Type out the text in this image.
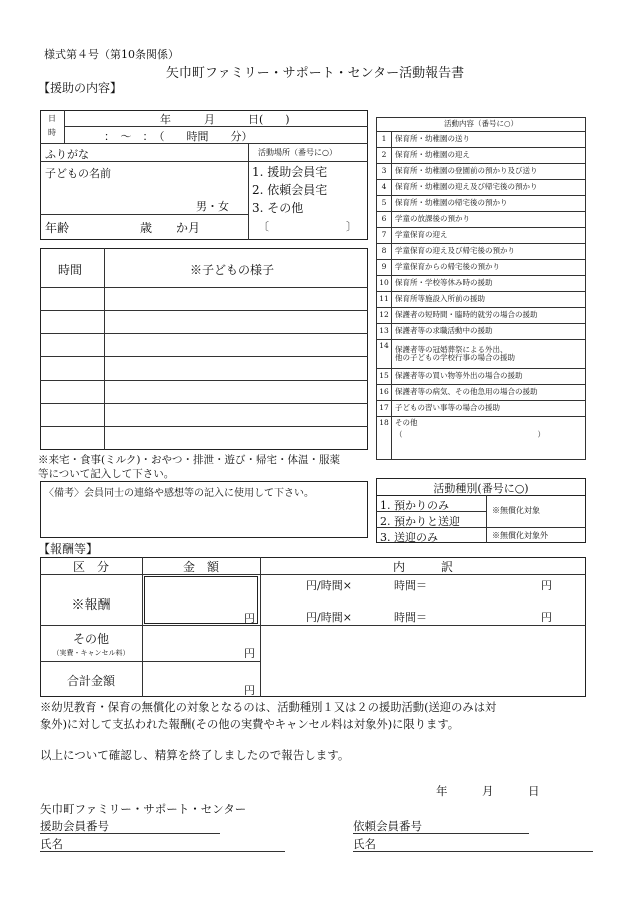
様式第４号（第10条関係）
矢巾町ファミリー・サポート・センター活動報告書
【援助の内容】
日
時
年　　　月　　　日(　　)
：　～　：　（　　時間　　分）
ふりがな	活動場所（番号に○）
子どもの名前
男・女
年齢	歳　　か月
1. 援助会員宅
2. 依頼会員宅
3. その他
〔　　　　　　　〕
時間	※子どもの様子
※来宅・食事(ミルク)・おやつ・排泄・遊び・帰宅・体温・服薬
等について記入して下さい。
〈備考〉会員同士の連絡や感想等の記入に使用して下さい。
活動内容（番号に○）	
1	保育所・幼稚園の送り
2	保育所・幼稚園の迎え
3	保育所・幼稚園の登園前の預かり及び送り
4	保育所・幼稚園の迎え及び帰宅後の預かり
5	保育所・幼稚園の帰宅後の預かり
6	学童の放課後の預かり
7	学童保育の迎え
8	学童保育の迎え及び帰宅後の預かり
9	学童保育からの帰宅後の預かり
10	保育所・学校等休み時の援助
11	保育所等施設入所前の援助
12	保護者の短時間・臨時的就労の場合の援助
13	保護者等の求職活動中の援助
14	保護者等の冠婚葬祭による外出、
他の子どもの学校行事の場合の援助

15	保護者等の買い物等外出の場合の援助
16	保護者等の病気、その他急用の場合の援助
17	子どもの習い事等の場合の援助
18	その他
（　　　　　　　　　　　　　　　　　　）
活動種別(番号に○)
1. 預かりのみ
2. 預かりと送迎
3. 送迎のみ
※無償化対象
※無償化対象外
【報酬等】
区　分	金　額	内　　　訳
※報酬
円
円/時間×	時間＝	円
円/時間×	時間＝	円
その他
（実費・キャンセル料）	円
合計金額
円
※幼児教育・保育の無償化の対象となるのは、活動種別１又は２の援助活動(送迎のみは対
象外)に対して支払われた報酬(その他の実費やキャンセル料は対象外)に限ります。
以上について確認し、精算を終了しましたので報告します。
年　　　月　　　日
矢巾町ファミリー・サポート・センター
援助会員番号
氏名
依頼会員番号
氏名
